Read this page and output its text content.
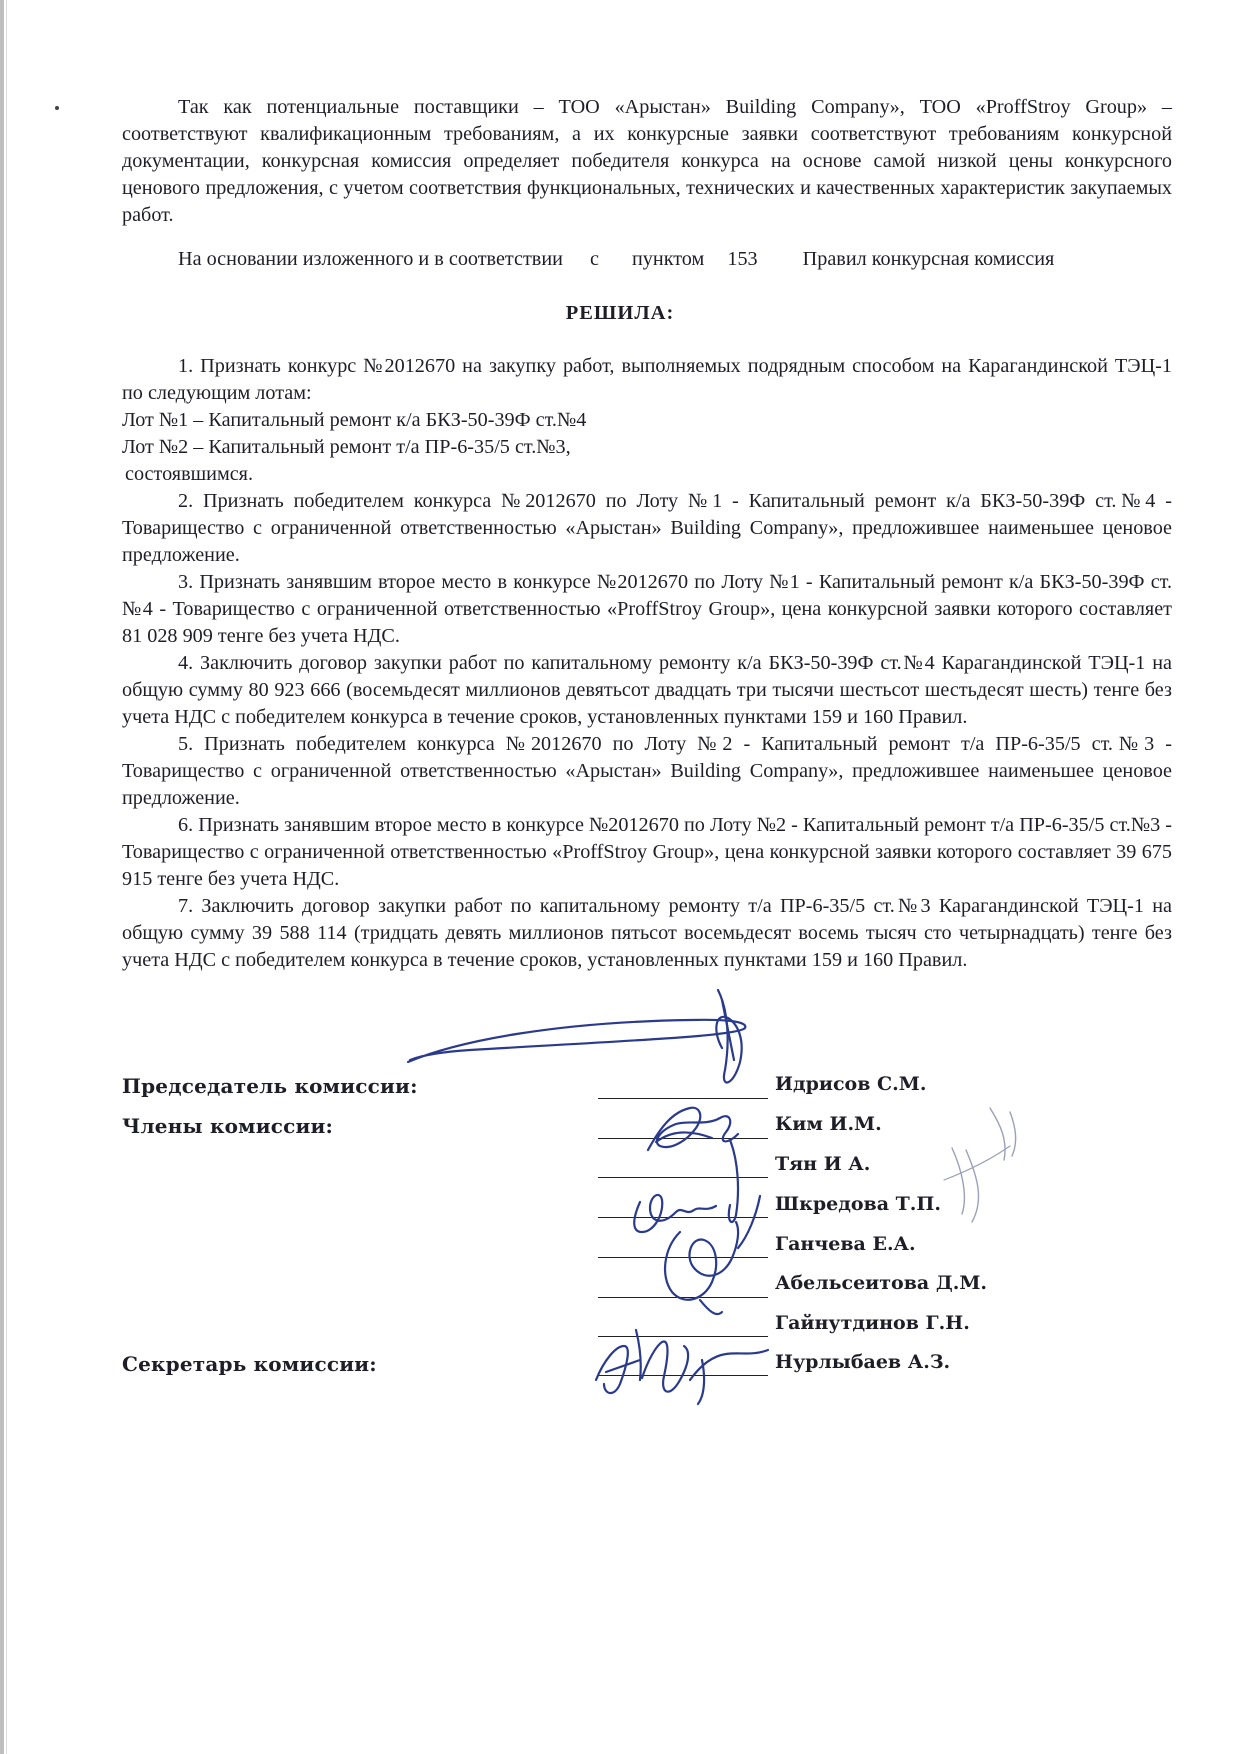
Так как потенциальные поставщики – ТОО «Арыстан» Building Company», ТОО «ProffStroy Group» – соответствуют квалификационным требованиям, а их конкурсные заявки соответствуют требованиям конкурсной документации, конкурсная комиссия определяет победителя конкурса на основе самой низкой цены конкурсного ценового предложения, с учетом соответствия функциональных, технических и качественных характеристик закупаемых работ.

На основании изложенного и в соответствии с пунктом 153 Правил конкурсная комиссия
РЕШИЛА:

1. Признать конкурс №2012670 на закупку работ, выполняемых подрядным способом на Карагандинской ТЭЦ-1 по следующим лотам:

Лот №1 – Капитальный ремонт к/а БКЗ-50-39Ф ст.№4

Лот №2 – Капитальный ремонт т/а ПР-6-35/5 ст.№3,

состоявшимся.

2. Признать победителем конкурса №2012670 по Лоту №1 - Капитальный ремонт к/а БКЗ-50-39Ф ст.№4 - Товарищество с ограниченной ответственностью «Арыстан» Building Company», предложившее наименьшее ценовое предложение.

3. Признать занявшим второе место в конкурсе №2012670 по Лоту №1 - Капитальный ремонт к/а БКЗ-50-39Ф ст.№4 - Товарищество с ограниченной ответственностью «ProffStroy Group», цена конкурсной заявки которого составляет 81 028 909 тенге без учета НДС.

4. Заключить договор закупки работ по капитальному ремонту к/а БКЗ-50-39Ф ст.№4 Карагандинской ТЭЦ-1 на общую сумму 80 923 666 (восемьдесят миллионов девятьсот двадцать три тысячи шестьсот шестьдесят шесть) тенге без учета НДС с победителем конкурса в течение сроков, установленных пунктами 159 и 160 Правил.

5. Признать победителем конкурса №2012670 по Лоту №2 - Капитальный ремонт т/а ПР-6-35/5 ст.№3 - Товарищество с ограниченной ответственностью «Арыстан» Building Company», предложившее наименьшее ценовое предложение.

6. Признать занявшим второе место в конкурсе №2012670 по Лоту №2 - Капитальный ремонт т/а ПР-6-35/5 ст.№3 - Товарищество с ограниченной ответственностью «ProffStroy Group», цена конкурсной заявки которого составляет 39 675 915 тенге без учета НДС.

7. Заключить договор закупки работ по капитальному ремонту т/а ПР-6-35/5 ст.№3 Карагандинской ТЭЦ-1 на общую сумму 39 588 114 (тридцать девять миллионов пятьсот восемьдесят восемь тысяч сто четырнадцать) тенге без учета НДС с победителем конкурса в течение сроков, установленных пунктами 159 и 160 Правил.

Председатель комиссии:
Члены комиссии:
Секретарь комиссии:
Идрисов С.М.
Ким И.М.
Тян И А.
Шкредова Т.П.
Ганчева Е.А.
Абельсеитова Д.М.
Гайнутдинов Г.Н.
Нурлыбаев А.З.
